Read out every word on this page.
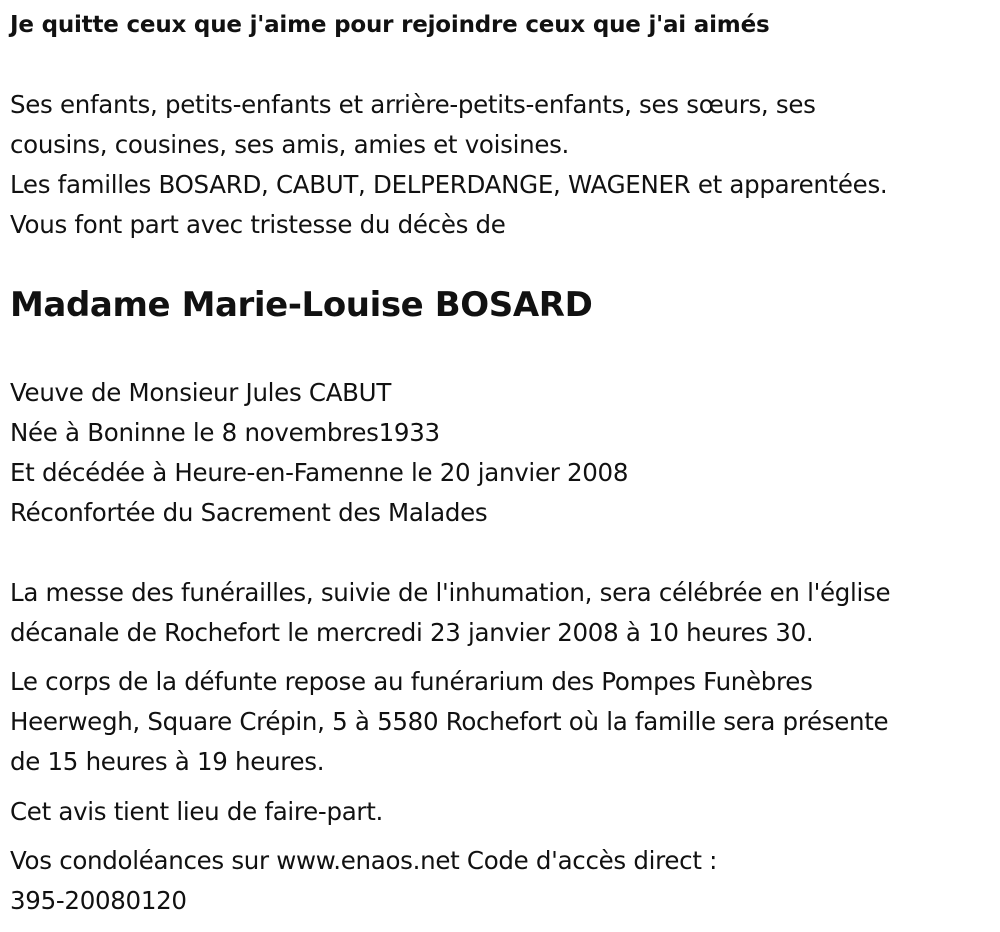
Je quitte ceux que j'aime pour rejoindre ceux que j'ai aimés
Ses enfants, petits-enfants et arrière-petits-enfants, ses sœurs, ses
cousins, cousines, ses amis, amies et voisines.
Les familles BOSARD, CABUT, DELPERDANGE, WAGENER et apparentées.
Vous font part avec tristesse du décès de
Madame Marie-Louise BOSARD
Veuve de Monsieur Jules CABUT
Née à Boninne le 8 novembres1933
Et décédée à Heure-en-Famenne le 20 janvier 2008
Réconfortée du Sacrement des Malades
La messe des funérailles, suivie de l'inhumation, sera célébrée en l'église
décanale de Rochefort le mercredi 23 janvier 2008 à 10 heures 30.
Le corps de la défunte repose au funérarium des Pompes Funèbres
Heerwegh, Square Crépin, 5 à 5580 Rochefort où la famille sera présente
de 15 heures à 19 heures.
Cet avis tient lieu de faire-part.
Vos condoléances sur www.enaos.net Code d'accès direct :
395-20080120
